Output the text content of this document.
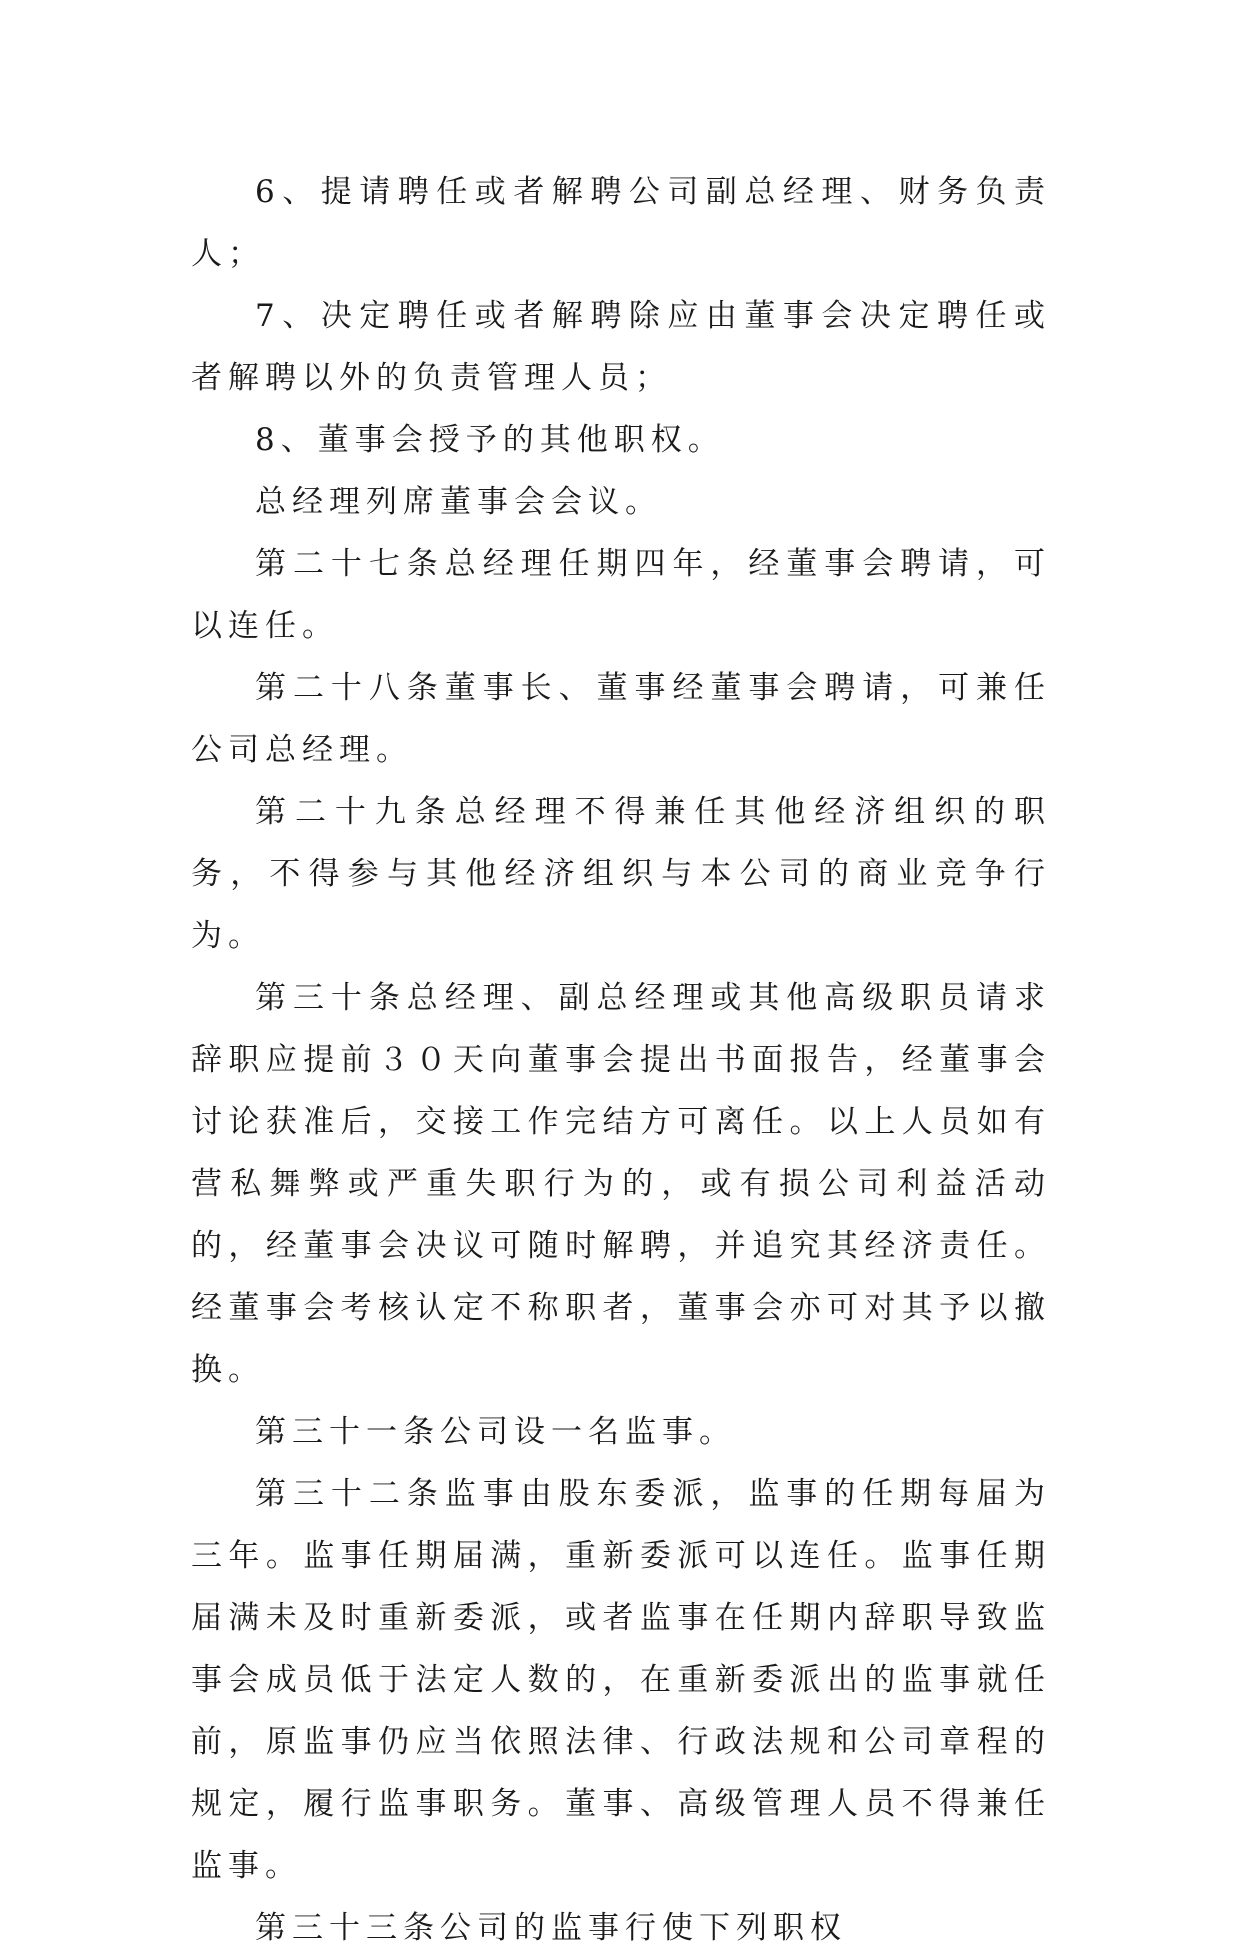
6、提请聘任或者解聘公司副总经理、财务负责人；

7、决定聘任或者解聘除应由董事会决定聘任或者解聘以外的负责管理人员；

8、董事会授予的其他职权。

总经理列席董事会会议。

第二十七条总经理任期四年，经董事会聘请，可以连任。

第二十八条董事长、董事经董事会聘请，可兼任公司总经理。

第二十九条总经理不得兼任其他经济组织的职务，不得参与其他经济组织与本公司的商业竞争行为。

第三十条总经理、副总经理或其他高级职员请求辞职应提前３０天向董事会提出书面报告，经董事会讨论获准后，交接工作完结方可离任。以上人员如有营私舞弊或严重失职行为的，或有损公司利益活动的，经董事会决议可随时解聘，并追究其经济责任。经董事会考核认定不称职者，董事会亦可对其予以撤换。

第三十一条公司设一名监事。

第三十二条监事由股东委派，监事的任期每届为三年。监事任期届满，重新委派可以连任。监事任期届满未及时重新委派，或者监事在任期内辞职导致监事会成员低于法定人数的，在重新委派出的监事就任前，原监事仍应当依照法律、行政法规和公司章程的规定，履行监事职务。董事、高级管理人员不得兼任监事。

第三十三条公司的监事行使下列职权
